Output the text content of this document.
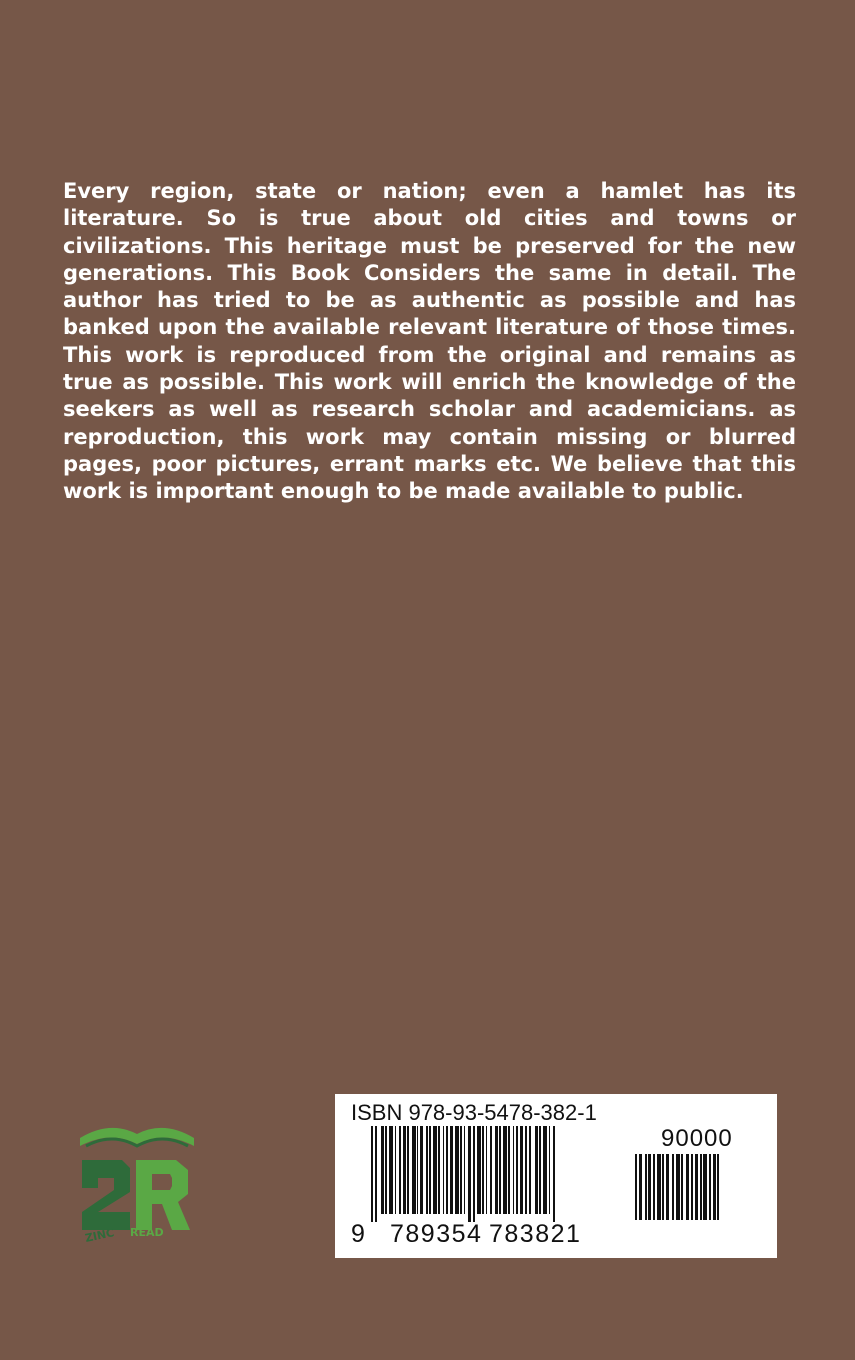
Every region, state or nation; even a hamlet has its literature. So is true about old cities and towns or civilizations. This heritage must be preserved for the new generations. This Book Considers the same in detail. The author has tried to be as authentic as possible and has banked upon the available relevant literature of those times. This work is reproduced from the original and remains as true as possible. This work will enrich the knowledge of the seekers as well as research scholar and academicians. as reproduction, this work may contain missing or blurred pages, poor pictures, errant marks etc. We believe that this work is important enough to be made available to public.

ZINC READ
ISBN 978-93-5478-382-1
90000
9 789354 783821
